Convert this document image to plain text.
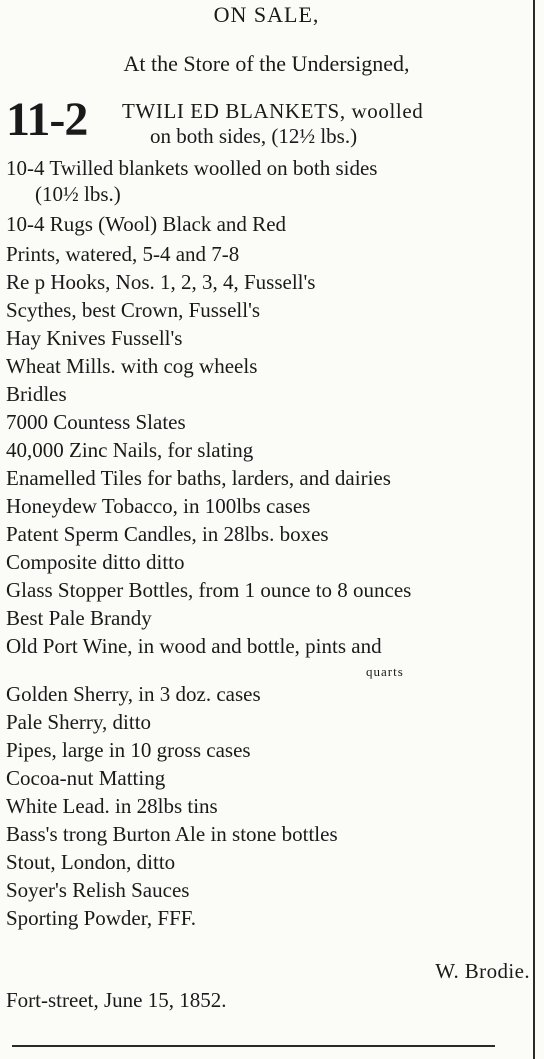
ON SALE,
At the Store of the Undersigned,
11-2 TWILI ED BLANKETS, woolled
on both sides, (12½ lbs.)
10-4 Twilled blankets woolled on both sides
(10½ lbs.)
10-4 Rugs (Wool) Black and Red
Prints, watered, 5-4 and 7-8
Re p Hooks, Nos. 1, 2, 3, 4, Fussell's
Scythes, best Crown, Fussell's
Hay Knives Fussell's
Wheat Mills. with cog wheels
Bridles
7000 Countess Slates
40,000 Zinc Nails, for slating
Enamelled Tiles for baths, larders, and dairies
Honeydew Tobacco, in 100lbs cases
Patent Sperm Candles, in 28lbs. boxes
Composite ditto ditto
Glass Stopper Bottles, from 1 ounce to 8 ounces
Best Pale Brandy
Old Port Wine, in wood and bottle, pints and
quarts
Golden Sherry, in 3 doz. cases
Pale Sherry, ditto
Pipes, large in 10 gross cases
Cocoa-nut Matting
White Lead. in 28lbs tins
Bass's trong Burton Ale in stone bottles
Stout, London, ditto
Soyer's Relish Sauces
Sporting Powder, FFF.
W. Brodie.
Fort-street, June 15, 1852.
